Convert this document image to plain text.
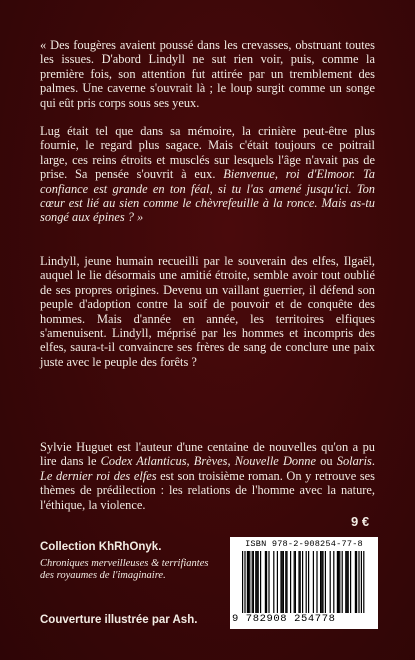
« Des fougères avaient poussé dans les crevasses, obstruant toutes les issues. D'abord Lindyll ne sut rien voir, puis, comme la première fois, son attention fut attirée par un tremblement des palmes. Une caverne s'ouvrait là ; le loup surgit comme un songe qui eût pris corps sous ses yeux.

Lug était tel que dans sa mémoire, la crinière peut-être plus fournie, le regard plus sagace. Mais c'était toujours ce poitrail large, ces reins étroits et musclés sur lesquels l'âge n'avait pas de prise. Sa pensée s'ouvrit à eux. Bienvenue, roi d'Elmoor. Ta confiance est grande en ton féal, si tu l'as amené jusqu'ici. Ton cœur est lié au sien comme le chèvrefeuille à la ronce. Mais as-tu songé aux épines ? »

Lindyll, jeune humain recueilli par le souverain des elfes, Ilgaël, auquel le lie désormais une amitié étroite, semble avoir tout oublié de ses propres origines. Devenu un vaillant guerrier, il défend son peuple d'adoption contre la soif de pouvoir et de conquête des hommes. Mais d'année en année, les territoires elfiques s'amenuisent. Lindyll, méprisé par les hommes et incompris des elfes, saura-t-il convaincre ses frères de sang de conclure une paix juste avec le peuple des forêts ?

Sylvie Huguet est l'auteur d'une centaine de nouvelles qu'on a pu lire dans le Codex Atlanticus, Brèves, Nouvelle Donne ou Solaris. Le dernier roi des elfes est son troisième roman. On y retrouve ses thèmes de prédilection : les relations de l'homme avec la nature, l'éthique, la violence.

9 €
Collection KhRhOnyk.
Chroniques merveilleuses & terrifiantes des royaumes de l'imaginaire.
Couverture illustrée par Ash.
ISBN 978-2-908254-77-8
9 782908 254778
